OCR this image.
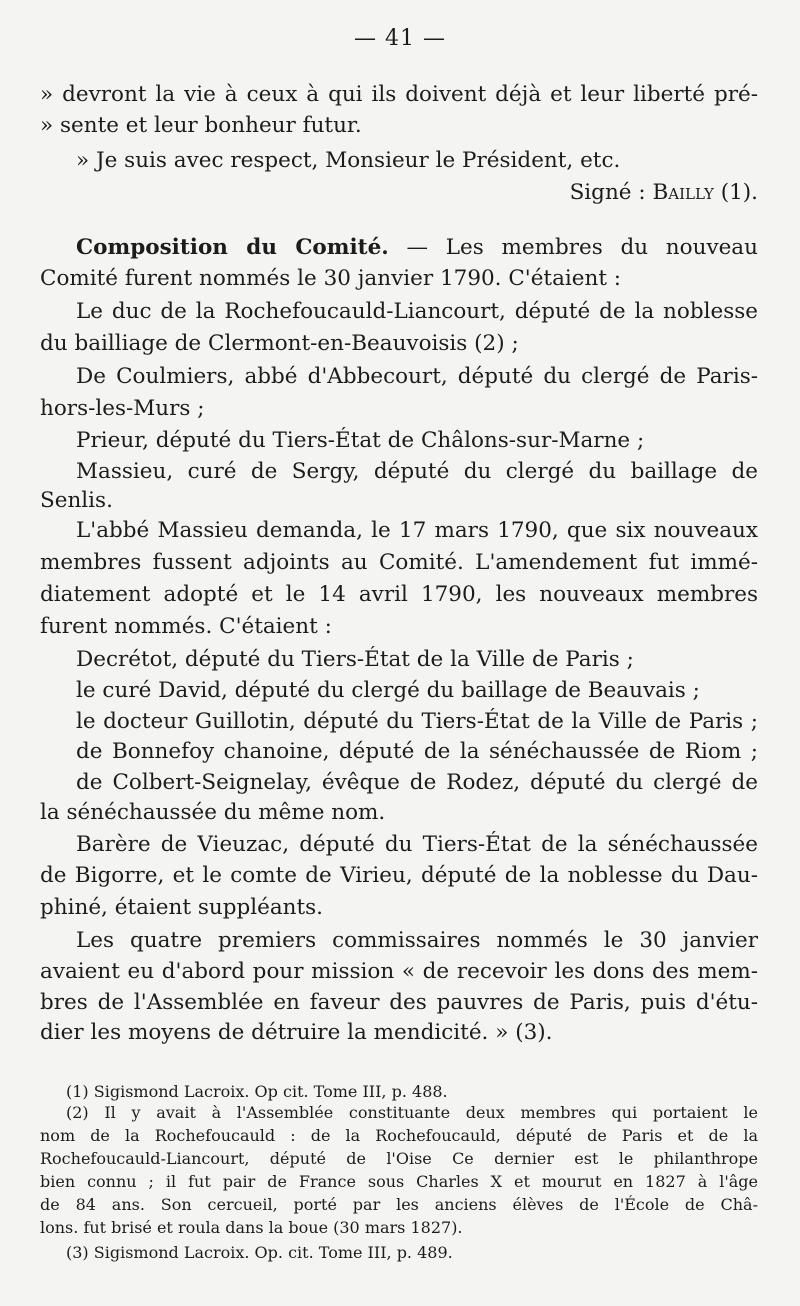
— 41 —
» devront la vie à ceux à qui ils doivent déjà et leur liberté pré-
» sente et leur bonheur futur.
» Je suis avec respect, Monsieur le Président, etc.
Signé : Bailly (1).
Composition du Comité. — Les membres du nouveau
Comité furent nommés le 30 janvier 1790. C'étaient :
Le duc de la Rochefoucauld-Liancourt, député de la noblesse
du bailliage de Clermont-en-Beauvoisis (2) ;
De Coulmiers, abbé d'Abbecourt, député du clergé de Paris-
hors-les-Murs ;
Prieur, député du Tiers-État de Châlons-sur-Marne ;
Massieu, curé de Sergy, député du clergé du baillage de
Senlis.
L'abbé Massieu demanda, le 17 mars 1790, que six nouveaux
membres fussent adjoints au Comité. L'amendement fut immé-
diatement adopté et le 14 avril 1790, les nouveaux membres
furent nommés. C'étaient :
Decrétot, député du Tiers-État de la Ville de Paris ;
le curé David, député du clergé du baillage de Beauvais ;
le docteur Guillotin, député du Tiers-État de la Ville de Paris ;
de Bonnefoy chanoine, député de la sénéchaussée de Riom ;
de Colbert-Seignelay, évêque de Rodez, député du clergé de
la sénéchaussée du même nom.
Barère de Vieuzac, député du Tiers-État de la sénéchaussée
de Bigorre, et le comte de Virieu, député de la noblesse du Dau-
phiné, étaient suppléants.
Les quatre premiers commissaires nommés le 30 janvier
avaient eu d'abord pour mission « de recevoir les dons des mem-
bres de l'Assemblée en faveur des pauvres de Paris, puis d'étu-
dier les moyens de détruire la mendicité. » (3).
(1) Sigismond Lacroix. Op cit. Tome III, p. 488.
(2) Il y avait à l'Assemblée constituante deux membres qui portaient le
nom de la Rochefoucauld : de la Rochefoucauld, député de Paris et de la
Rochefoucauld-Liancourt, député de l'Oise Ce dernier est le philanthrope
bien connu ; il fut pair de France sous Charles X et mourut en 1827 à l'âge
de 84 ans. Son cercueil, porté par les anciens élèves de l'École de Châ-
lons. fut brisé et roula dans la boue (30 mars 1827).
(3) Sigismond Lacroix. Op. cit. Tome III, p. 489.
